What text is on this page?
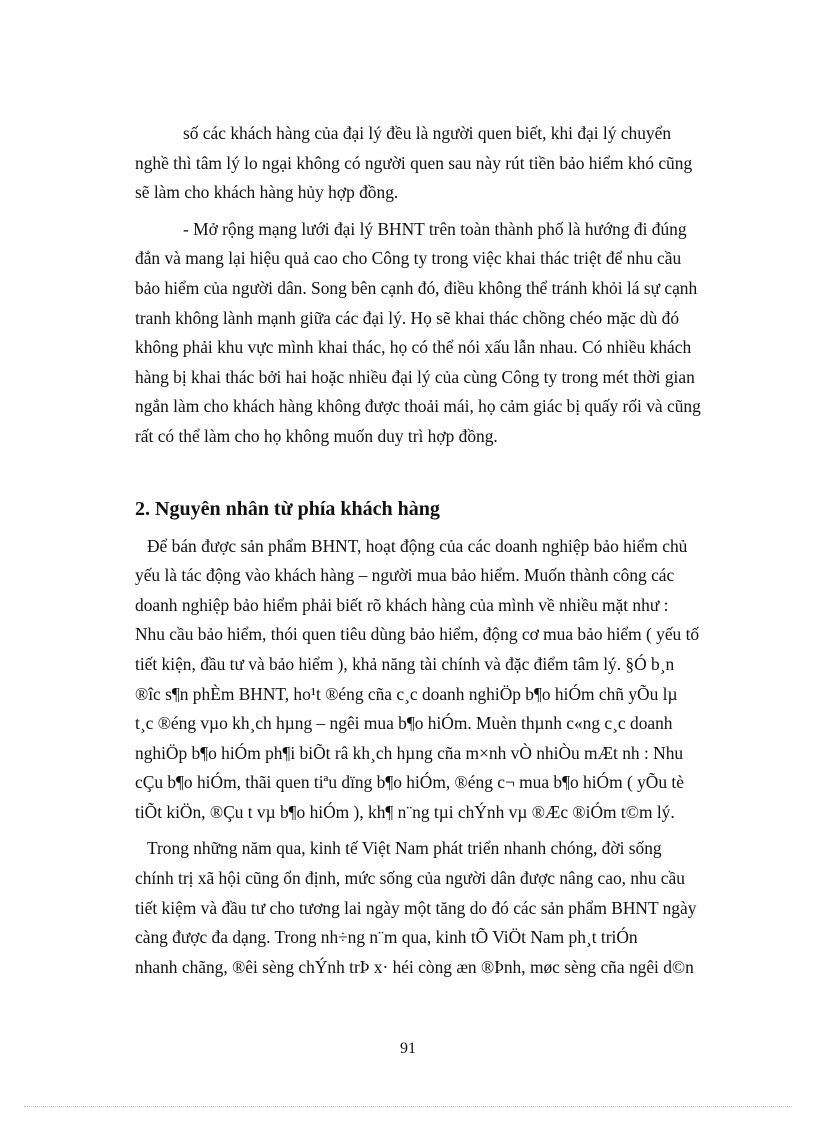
số các khách hàng của đại lý đều là người quen biết, khi đại lý chuyển
nghề thì tâm lý lo ngại không có người quen sau này rút tiền bảo hiểm khó cũng
sẽ làm cho khách hàng hủy hợp đồng.

- Mở rộng mạng lưới đại lý BHNT trên toàn thành phố là hướng đi đúng
đắn và mang lại hiệu quả cao cho Công ty trong việc khai thác triệt để nhu cầu
bảo hiểm của người dân. Song bên cạnh đó, điều không thể tránh khỏi lá sự cạnh
tranh không lành mạnh giữa các đại lý. Họ sẽ khai thác chồng chéo mặc dù đó
không phải khu vực mình khai thác, họ có thể nói xấu lẫn nhau. Có nhiều khách
hàng bị khai thác bởi hai hoặc nhiều đại lý của cùng Công ty trong mét thời gian
ngắn làm cho khách hàng không được thoải mái, họ cảm giác bị quấy rối và cũng
rất có thể làm cho họ không muốn duy trì hợp đồng.

2. Nguyên nhân từ phía khách hàng

Để bán được sản phẩm BHNT, hoạt động của các doanh nghiệp bảo hiểm chủ
yếu là tác động vào khách hàng – người mua bảo hiểm. Muốn thành công các
doanh nghiệp bảo hiểm phải biết rõ khách hàng của mình về nhiều mặt như :
Nhu cầu bảo hiểm, thói quen tiêu dùng bảo hiểm, động cơ mua bảo hiểm ( yếu tố
tiết kiện, đầu tư và bảo hiểm ), khả năng tài chính và đặc điểm tâm lý. §Ó b¸n
®îc s¶n phÈm BHNT, ho¹t ®éng cña c¸c doanh nghiÖp b¶o hiÓm chñ yÕu lµ
t¸c ®éng vµo kh¸ch hµng – ngêi mua b¶o hiÓm. Muèn thµnh c«ng c¸c doanh
nghiÖp b¶o hiÓm ph¶i biÕt râ kh¸ch hµng cña m×nh vÒ nhiÒu mÆt nh : Nhu
cÇu b¶o hiÓm, thãi quen tiªu dïng b¶o hiÓm, ®éng c¬ mua b¶o hiÓm ( yÕu tè
tiÕt kiÖn, ®Çu t vµ b¶o hiÓm ), kh¶ n¨ng tµi chÝnh vµ ®Æc ®iÓm t©m lý.

Trong những năm qua, kinh tế Việt Nam phát triển nhanh chóng, đời sống
chính trị xã hội cũng ổn định, mức sống của người dân được nâng cao, nhu cầu
tiết kiệm và đầu tư cho tương lai ngày một tăng do đó các sản phẩm BHNT ngày
càng được đa dạng. Trong nh÷ng n¨m qua, kinh tÕ ViÖt Nam ph¸t triÓn
nhanh chãng, ®êi sèng chÝnh trÞ x· héi còng æn ®Þnh, møc sèng cña ngêi d©n

91
